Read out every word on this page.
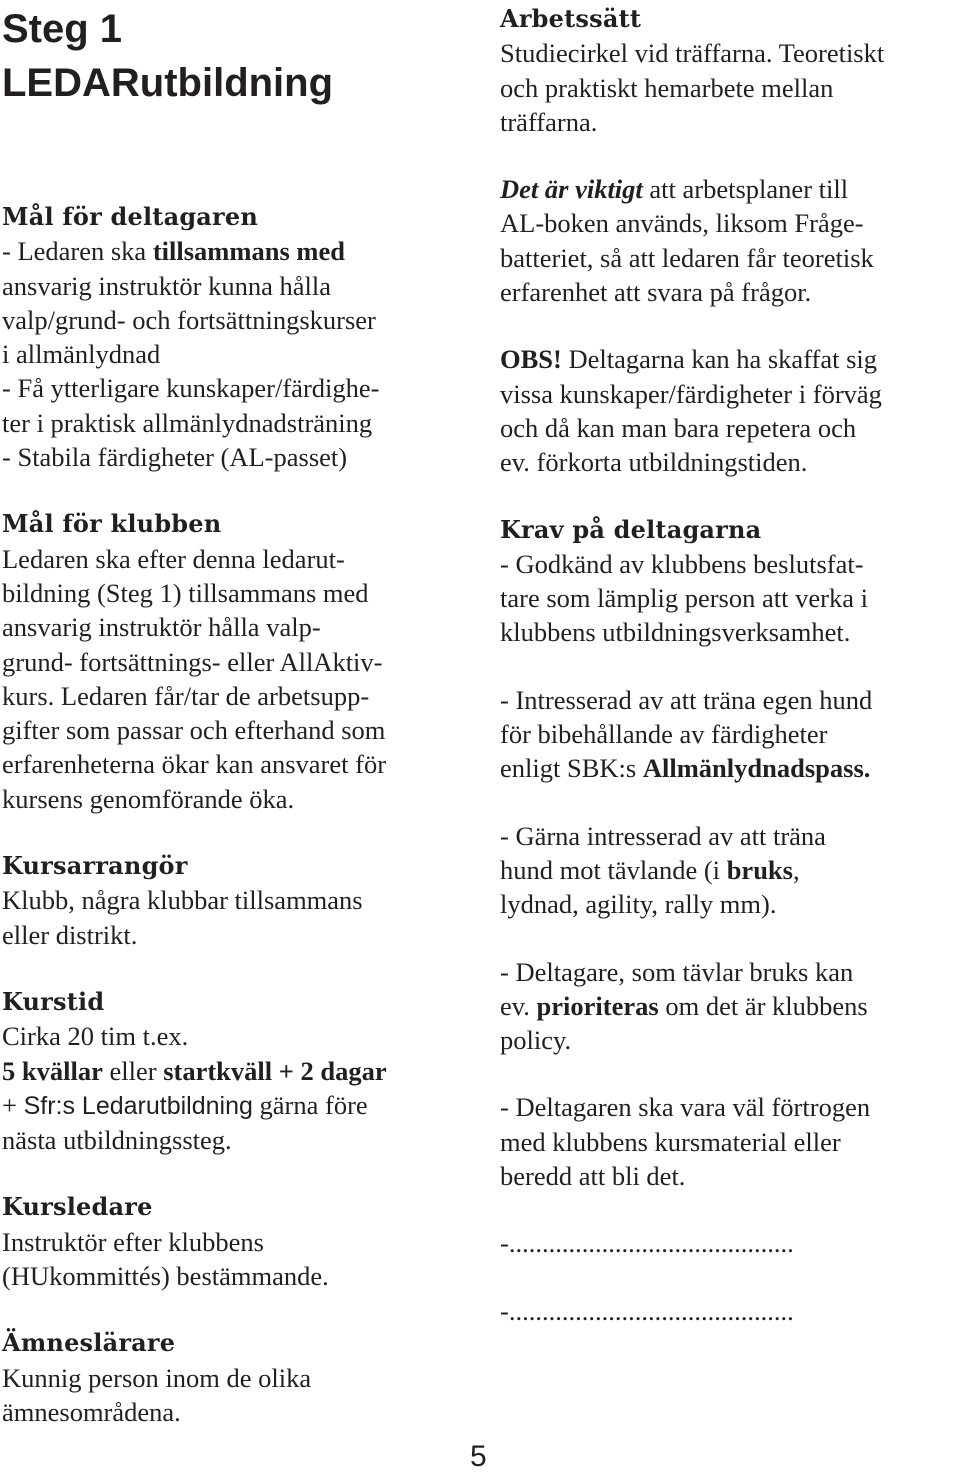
Steg 1
LEDARutbildning
Mål för deltagaren
- Ledaren ska tillsammans med
ansvarig instruktör kunna hålla
valp/grund- och fortsättningskurser
i allmänlydnad
- Få ytterligare kunskaper/färdighe-
ter i praktisk allmänlydnadsträning
- Stabila färdigheter (AL-passet)
Mål för klubben
Ledaren ska efter denna ledarut-
bildning (Steg 1) tillsammans med
ansvarig instruktör hålla valp-
grund- fortsättnings- eller AllAktiv-
kurs. Ledaren får/tar de arbetsupp-
gifter som passar och efterhand som
erfarenheterna ökar kan ansvaret för
kursens genomförande öka.
Kursarrangör
Klubb, några klubbar tillsammans
eller distrikt.
Kurstid
Cirka 20 tim t.ex.
5 kvällar eller startkväll + 2 dagar
+ Sfr:s Ledarutbildning gärna före
nästa utbildningssteg.
Kursledare
Instruktör efter klubbens
(HUkommittés) bestämmande.
Ämneslärare
Kunnig person inom de olika
ämnesområdena.
Arbetssätt
Studiecirkel vid träffarna. Teoretiskt
och praktiskt hemarbete mellan
träffarna.
Det är viktigt att arbetsplaner till
AL-boken används, liksom Fråge-
batteriet, så att ledaren får teoretisk
erfarenhet att svara på frågor.
OBS! Deltagarna kan ha skaffat sig
vissa kunskaper/färdigheter i förväg
och då kan man bara repetera och
ev. förkorta utbildningstiden.
Krav på deltagarna
- Godkänd av klubbens beslutsfat-
tare som lämplig person att verka i
klubbens utbildningsverksamhet.
- Intresserad av att träna egen hund
för bibehållande av färdigheter
enligt SBK:s Allmänlydnadspass.
- Gärna intresserad av att träna
hund mot tävlande (i bruks,
lydnad, agility, rally mm).
- Deltagare, som tävlar bruks kan
ev. prioriteras om det är klubbens
policy.
- Deltagaren ska vara väl förtrogen
med klubbens kursmaterial eller
beredd att bli det.
-...........................................
-...........................................
5
